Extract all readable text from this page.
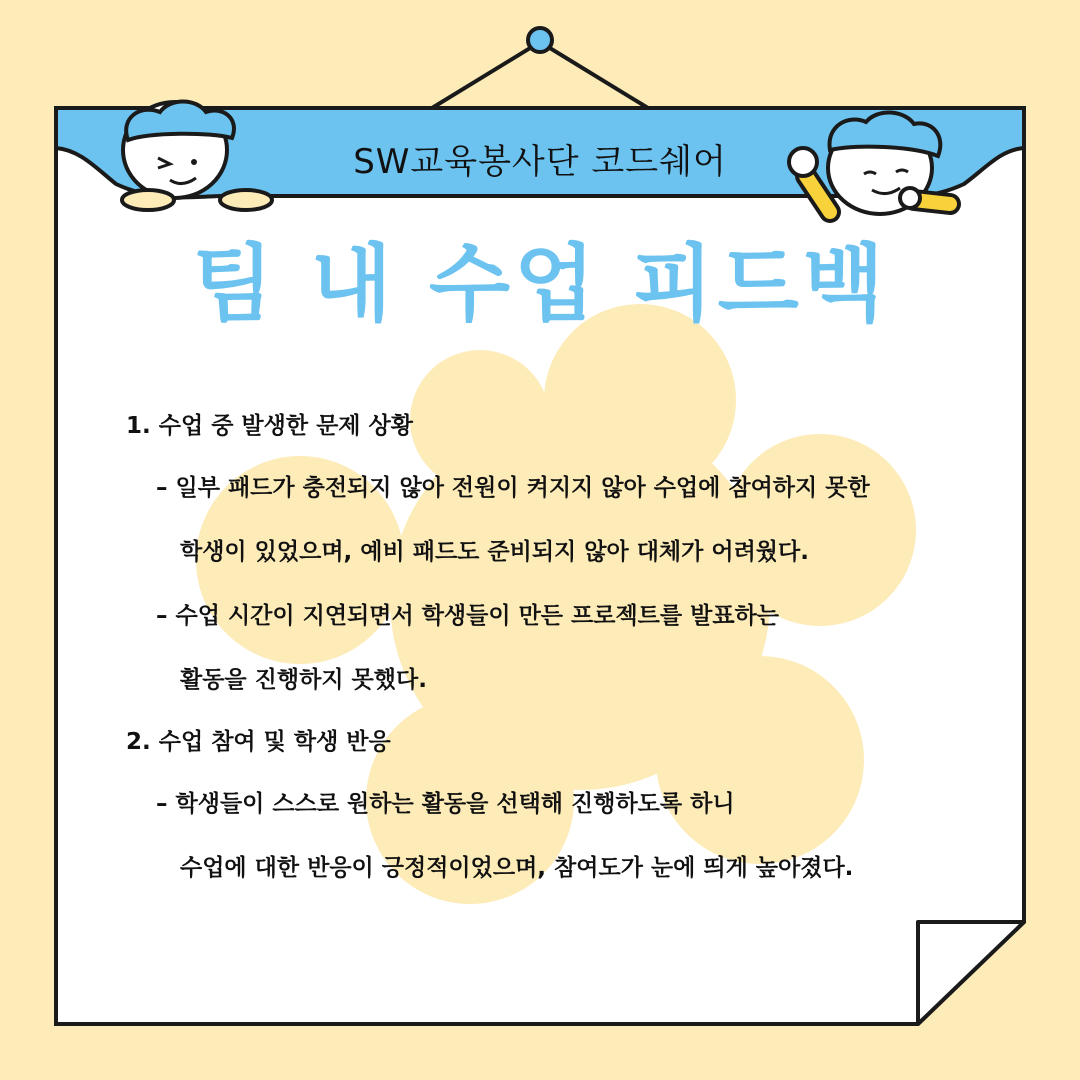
SW교육봉사단 코드쉐어
팀 내 수업 피드백
1. 수업 중 발생한 문제 상황
– 일부 패드가 충전되지 않아 전원이 켜지지 않아 수업에 참여하지 못한
학생이 있었으며, 예비 패드도 준비되지 않아 대체가 어려웠다.
– 수업 시간이 지연되면서 학생들이 만든 프로젝트를 발표하는
활동을 진행하지 못했다.
2. 수업 참여 및 학생 반응
– 학생들이 스스로 원하는 활동을 선택해 진행하도록 하니
수업에 대한 반응이 긍정적이었으며, 참여도가 눈에 띄게 높아졌다.
